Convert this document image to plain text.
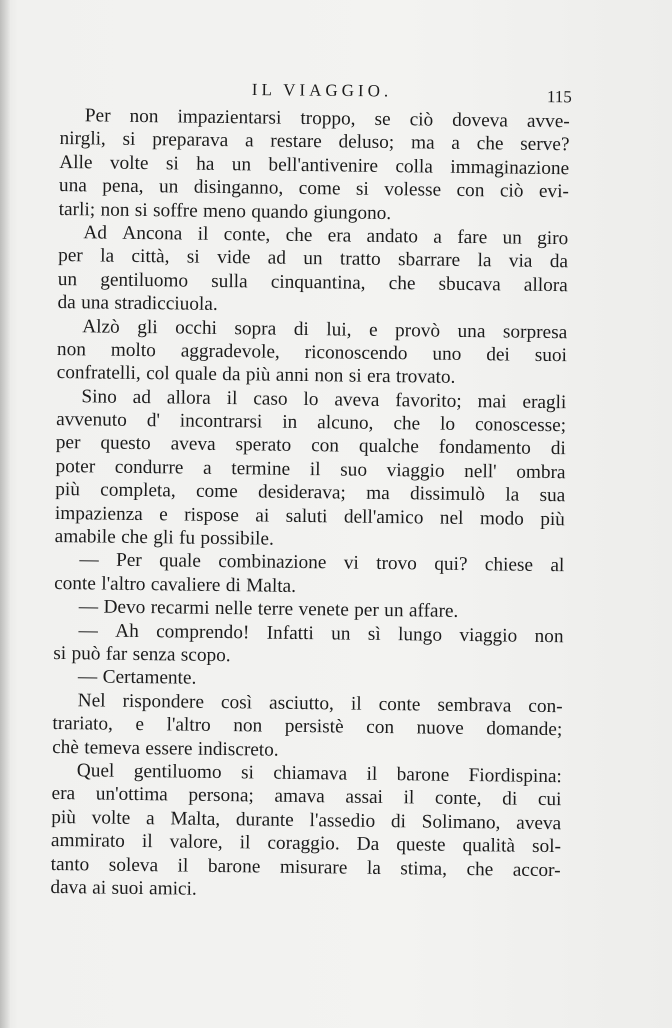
IL VIAGGIO.	115
Per non impazientarsi troppo, se ciò doveva avve-
nirgli, si preparava a restare deluso; ma a che serve?
Alle volte si ha un bell'antivenire colla immaginazione
una pena, un disinganno, come si volesse con ciò evi-
tarli; non si soffre meno quando giungono.
Ad Ancona il conte, che era andato a fare un giro
per la città, si vide ad un tratto sbarrare la via da
un gentiluomo sulla cinquantina, che sbucava allora
da una stradicciuola.
Alzò gli occhi sopra di lui, e provò una sorpresa
non molto aggradevole, riconoscendo uno dei suoi
confratelli, col quale da più anni non si era trovato.
Sino ad allora il caso lo aveva favorito; mai eragli
avvenuto d' incontrarsi in alcuno, che lo conoscesse;
per questo aveva sperato con qualche fondamento di
poter condurre a termine il suo viaggio nell' ombra
più completa, come desiderava; ma dissimulò la sua
impazienza e rispose ai saluti dell'amico nel modo più
amabile che gli fu possibile.
— Per quale combinazione vi trovo qui? chiese al
conte l'altro cavaliere di Malta.
— Devo recarmi nelle terre venete per un affare.
— Ah comprendo! Infatti un sì lungo viaggio non
si può far senza scopo.
— Certamente.
Nel rispondere così asciutto, il conte sembrava con-
trariato, e l'altro non persistè con nuove domande;
chè temeva essere indiscreto.
Quel gentiluomo si chiamava il barone Fiordispina:
era un'ottima persona; amava assai il conte, di cui
più volte a Malta, durante l'assedio di Solimano, aveva
ammirato il valore, il coraggio. Da queste qualità sol-
tanto soleva il barone misurare la stima, che accor-
dava ai suoi amici.
